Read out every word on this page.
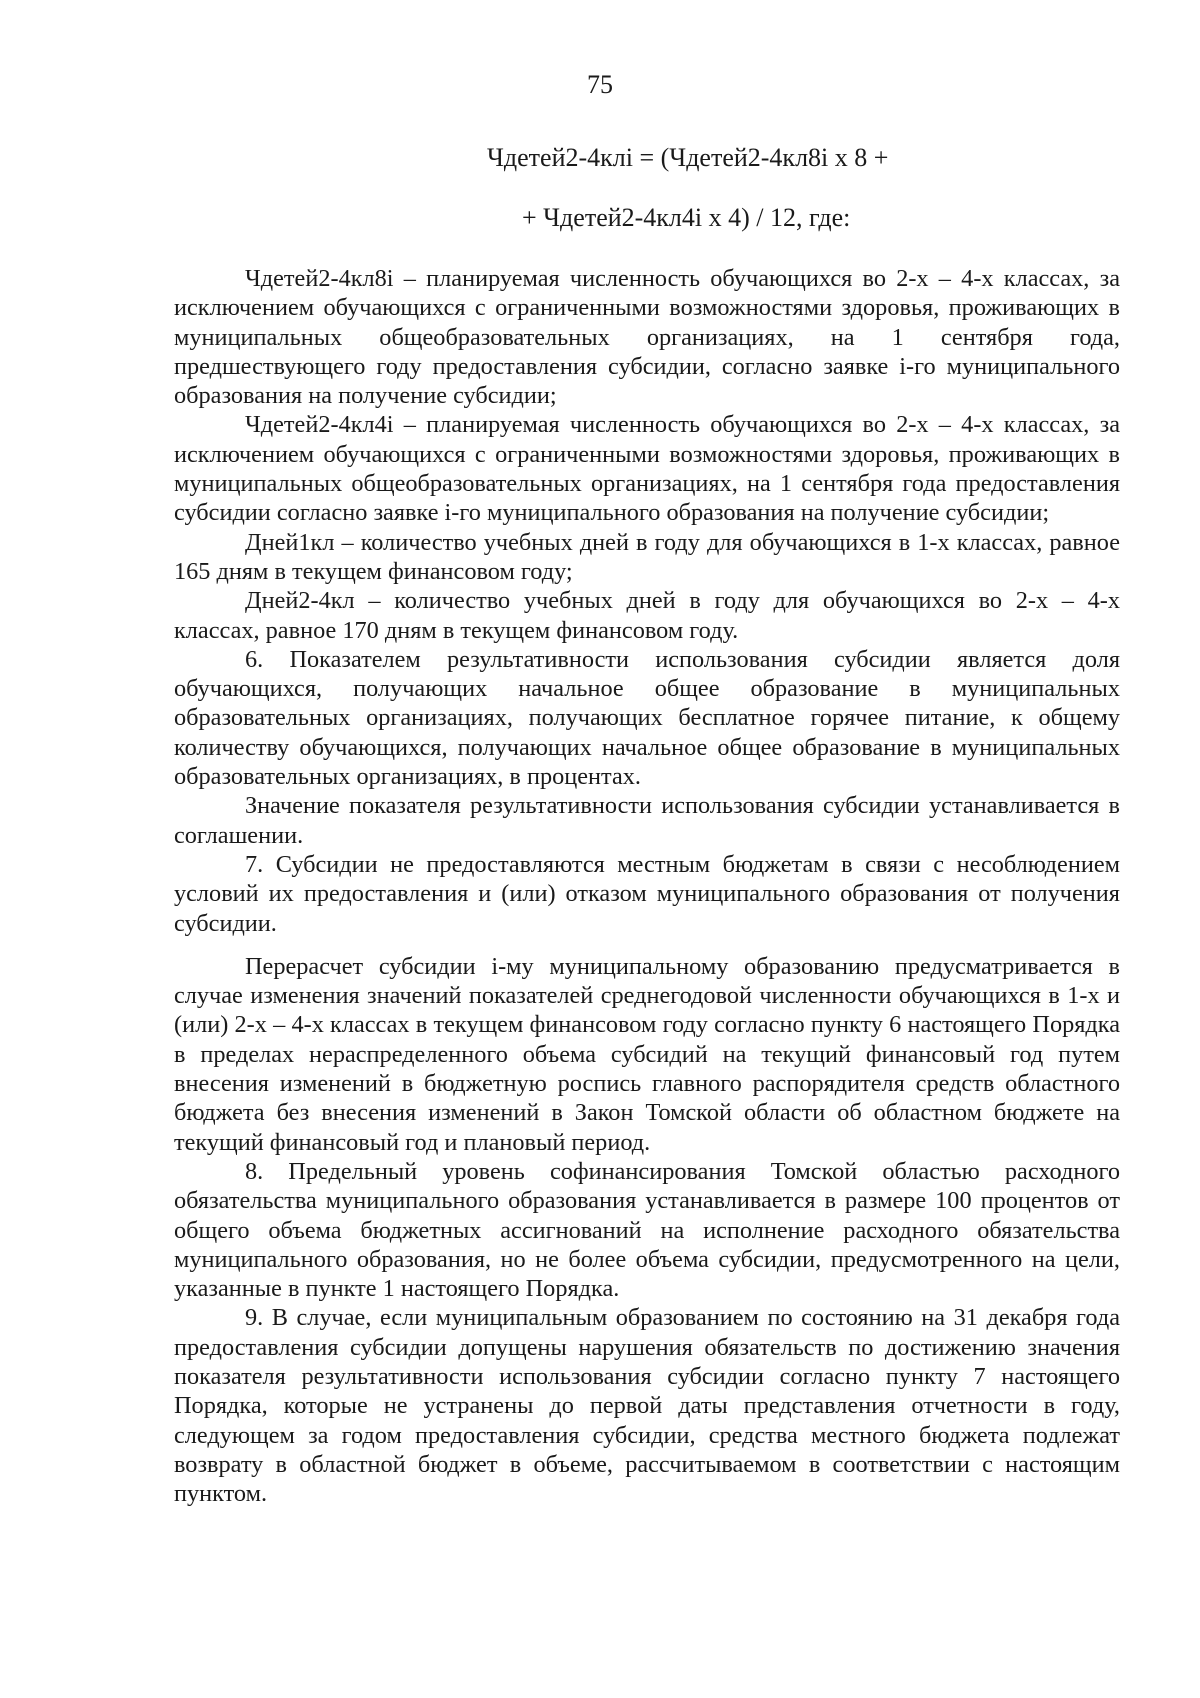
75
Чдетей2-4клi = (Чдетей2-4кл8i x 8 +
+ Чдетей2-4кл4i x 4) / 12, где:

Чдетей2-4кл8i – планируемая численность обучающихся во 2-х – 4-х классах, за исключением обучающихся с ограниченными возможностями здоровья, проживающих в муниципальных общеобразовательных организациях, на 1 сентября года, предшествующего году предоставления субсидии, согласно заявке i-го муниципального образования на получение субсидии;

Чдетей2-4кл4i – планируемая численность обучающихся во 2-х – 4-х классах, за исключением обучающихся с ограниченными возможностями здоровья, проживающих в муниципальных общеобразовательных организациях, на 1 сентября года предоставления субсидии согласно заявке i-го муниципального образования на получение субсидии;

Дней1кл – количество учебных дней в году для обучающихся в 1-х классах, равное 165 дням в текущем финансовом году;

Дней2-4кл – количество учебных дней в году для обучающихся во 2-х – 4-х классах, равное 170 дням в текущем финансовом году.

6. Показателем результативности использования субсидии является доля обучающихся, получающих начальное общее образование в муниципальных образовательных организациях, получающих бесплатное горячее питание, к общему количеству обучающихся, получающих начальное общее образование в муниципальных образовательных организациях, в процентах.

Значение показателя результативности использования субсидии устанавливается в соглашении.

7. Субсидии не предоставляются местным бюджетам в связи с несоблюдением условий их предоставления и (или) отказом муниципального образования от получения субсидии.

Перерасчет субсидии i-му муниципальному образованию предусматривается в случае изменения значений показателей среднегодовой численности обучающихся в 1-х и (или) 2-х – 4-х классах в текущем финансовом году согласно пункту 6 настоящего Порядка в пределах нераспределенного объема субсидий на текущий финансовый год путем внесения изменений в бюджетную роспись главного распорядителя средств областного бюджета без внесения изменений в Закон Томской области об областном бюджете на текущий финансовый год и плановый период.

8. Предельный уровень софинансирования Томской областью расходного обязательства муниципального образования устанавливается в размере 100 процентов от общего объема бюджетных ассигнований на исполнение расходного обязательства муниципального образования, но не более объема субсидии, предусмотренного на цели, указанные в пункте 1 настоящего Порядка.

9. В случае, если муниципальным образованием по состоянию на 31 декабря года предоставления субсидии допущены нарушения обязательств по достижению значения показателя результативности использования субсидии согласно пункту 7 настоящего Порядка, которые не устранены до первой даты представления отчетности в году, следующем за годом предоставления субсидии, средства местного бюджета подлежат возврату в областной бюджет в объеме, рассчитываемом в соответствии с настоящим пунктом.
